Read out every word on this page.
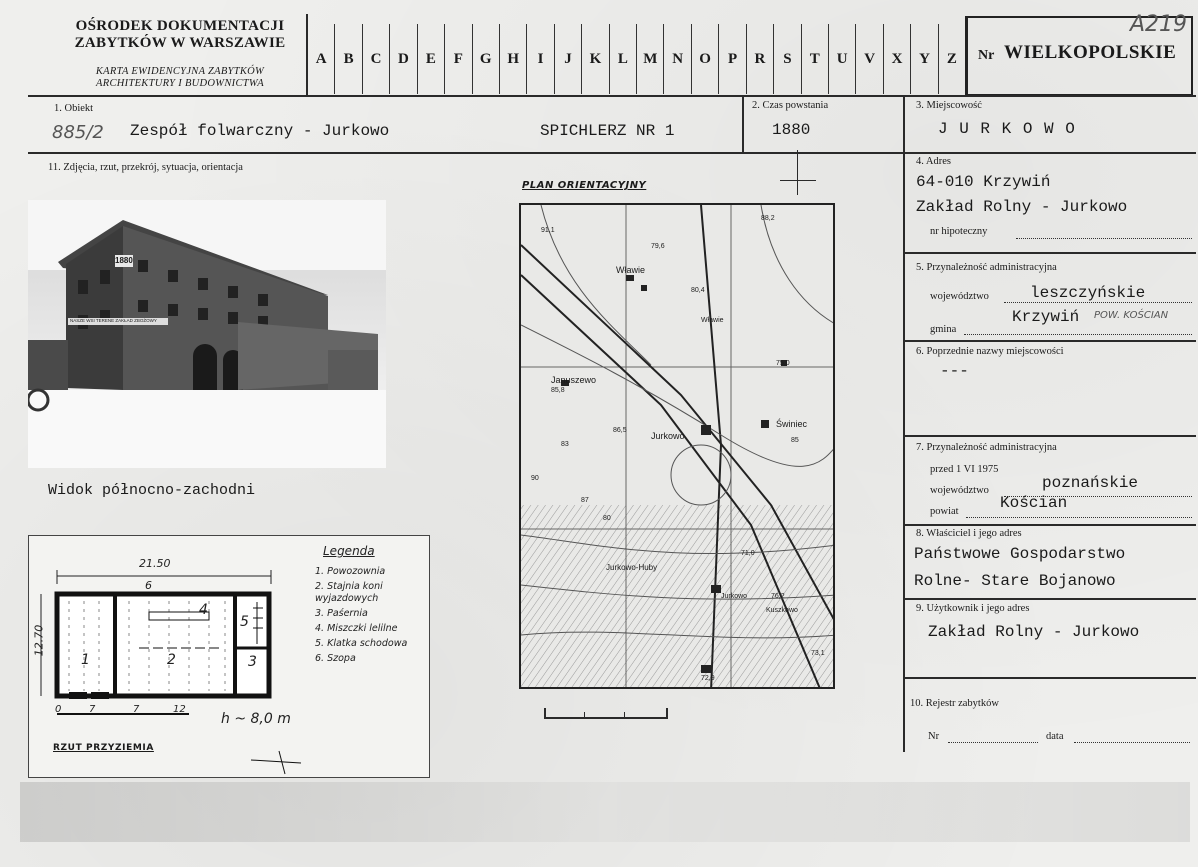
OŚRODEK DOKUMENTACJI
ZABYTKÓW W WARSZAWIE
KARTA EWIDENCYJNA ZABYTKÓW
ARCHITEKTURY I BUDOWNICTWA
A	B	C	D	E	F	G	H	I	J	K	L	M N	O	P	R	S	T	U	V	X	Y	Z	Nr WIELKOPOLSKIE
A219
1. Obiekt
885/2 Zespół folwarczny - Jurkowo	SPICHLERZ NR 1
2. Czas powstania
1880
3. Miejscowość
J U R K O W O
11. Zdjęcia, rzut, przekrój, sytuacja, orientacja
1880
NASZE WSI TERENE ZAKŁAD ZBOŻOWY
Widok północno-zachodni
PLAN ORIENTACYJNY
Wławie
Januszewo
Jurkowo
Świniec
Jurkowo-Huby
Jurkowo
Kuszkowo
Wławie
91,1
79,6
88,2
80,4
75,0
85,8
86,5
90
85
71,0
76,2
72,9
73,1
80
83
87
21.50
12.70
6
1	2	3
4
5
0	7	7	12
h ~ 8,0 m
RZUT PRZYZIEMIA
Legenda
1. Powozownia
2. Stajnia koni wyjazdowych
3. Paśernia
4. Miszczki lelilne
5. Klatka schodowa
6. Szopa
4. Adres
64-010 Krzywiń
Zakład Rolny - Jurkowo
nr hipoteczny
5. Przynależność administracyjna
województwo	leszczyńskie
gmina
Krzywiń POW. KOŚCIAN
6. Poprzednie nazwy miejscowości
---
7. Przynależność administracyjna
przed 1 VI 1975
województwo	poznańskie
powiat	Kościan
8. Właściciel i jego adres
Państwowe Gospodarstwo
Rolne- Stare Bojanowo
9. Użytkownik i jego adres
Zakład Rolny - Jurkowo
10. Rejestr zabytków
Nr	data
